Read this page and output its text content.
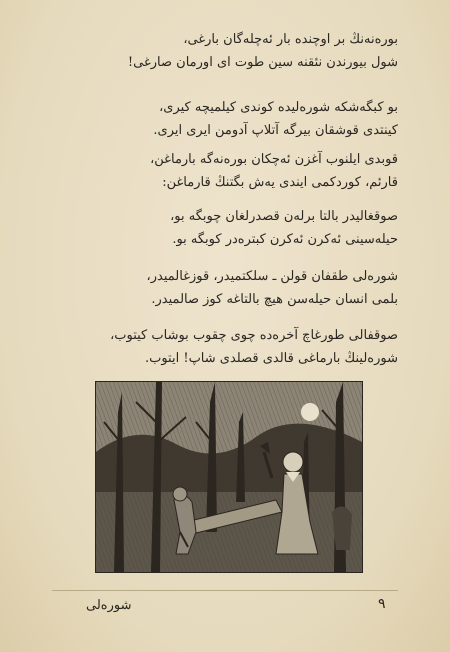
بورەنەنڭ بر اوچندە بار ئەچلەگان بارغى،
شول بیورندن نئقنە سین طوت ای اورمان صارغی!
بو کبگەشکە شورەلیدە کوندی کیلمیچە کیری،
کینتدی قوشقان بیرگە آتلاپ آدومن ایری ایری.
قوبدی ایلنوب آغزن ئەچکان بورەنەگە بارماغن،
قارئم، کوردکمی ایندی یەش بگتنڭ قارماغن:
صوقغالیدر بالتا برلەن قصدرلغان چوبگە بو،
حیلەسینی ئەکرن ئەکرن کبترەدر کوبگە بو.
شورەلی طقفان قولن ـ سلکتمیدر، قوزغالمیدر،
بلمی انسان حیلەسن هیچ بالتاغە کوز صالمیدر.
صوقفالی طورغاچ آخرەدە چوی چقوب بوشاب کیتوب،
شورەلینڭ بارماغی قالدی قصلدی شاپ! ایتوب.
شورەلی	٩
